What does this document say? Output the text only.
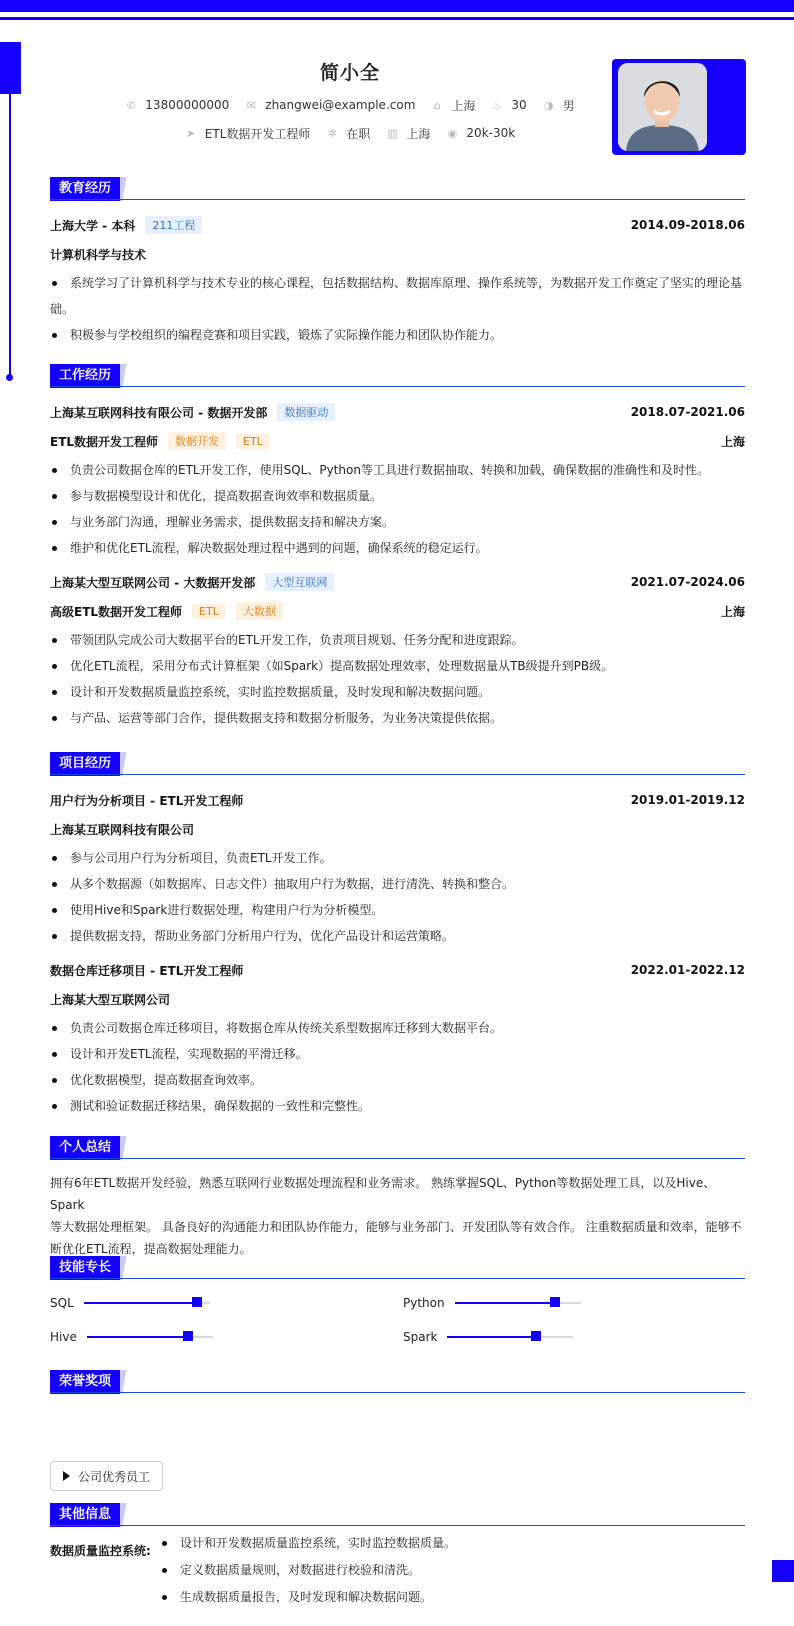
简小全
✆ 13800000000 ✉ zhangwei@example.com ⌂ 上海 ♨ 30 ◑ 男
➤ ETL数据开发工程师 ✲ 在职 ▥ 上海 ◉ 20k-30k
教育经历
上海大学 - 本科	211工程	2014.09-2018.06
计算机科学与技术
系统学习了计算机科学与技术专业的核心课程，包括数据结构、数据库原理、操作系统等，为数据开发工作奠定了坚实的理论基
础。
积极参与学校组织的编程竞赛和项目实践，锻炼了实际操作能力和团队协作能力。
工作经历
上海某互联网科技有限公司 - 数据开发部	数据驱动	2018.07-2021.06
ETL数据开发工程师	数据开发	ETL	上海
负责公司数据仓库的ETL开发工作，使用SQL、Python等工具进行数据抽取、转换和加载，确保数据的准确性和及时性。
参与数据模型设计和优化，提高数据查询效率和数据质量。
与业务部门沟通，理解业务需求，提供数据支持和解决方案。
维护和优化ETL流程，解决数据处理过程中遇到的问题，确保系统的稳定运行。
上海某大型互联网公司 - 大数据开发部	大型互联网	2021.07-2024.06
高级ETL数据开发工程师	ETL	大数据	上海
带领团队完成公司大数据平台的ETL开发工作，负责项目规划、任务分配和进度跟踪。
优化ETL流程，采用分布式计算框架（如Spark）提高数据处理效率，处理数据量从TB级提升到PB级。
设计和开发数据质量监控系统，实时监控数据质量，及时发现和解决数据问题。
与产品、运营等部门合作，提供数据支持和数据分析服务，为业务决策提供依据。
项目经历
用户行为分析项目 - ETL开发工程师	2019.01-2019.12
上海某互联网科技有限公司
参与公司用户行为分析项目，负责ETL开发工作。
从多个数据源（如数据库、日志文件）抽取用户行为数据，进行清洗、转换和整合。
使用Hive和Spark进行数据处理，构建用户行为分析模型。
提供数据支持，帮助业务部门分析用户行为，优化产品设计和运营策略。
数据仓库迁移项目 - ETL开发工程师	2022.01-2022.12
上海某大型互联网公司
负责公司数据仓库迁移项目，将数据仓库从传统关系型数据库迁移到大数据平台。
设计和开发ETL流程，实现数据的平滑迁移。
优化数据模型，提高数据查询效率。
测试和验证数据迁移结果，确保数据的一致性和完整性。
个人总结
拥有6年ETL数据开发经验，熟悉互联网行业数据处理流程和业务需求。 熟练掌握SQL、Python等数据处理工具，以及Hive、Spark
等大数据处理框架。 具备良好的沟通能力和团队协作能力，能够与业务部门、开发团队等有效合作。 注重数据质量和效率，能够不
断优化ETL流程，提高数据处理能力。
技能专长
SQL	Python
Hive	Spark
荣誉奖项
公司优秀员工
其他信息
数据质量监控系统:
设计和开发数据质量监控系统，实时监控数据质量。
定义数据质量规则，对数据进行校验和清洗。
生成数据质量报告，及时发现和解决数据问题。
